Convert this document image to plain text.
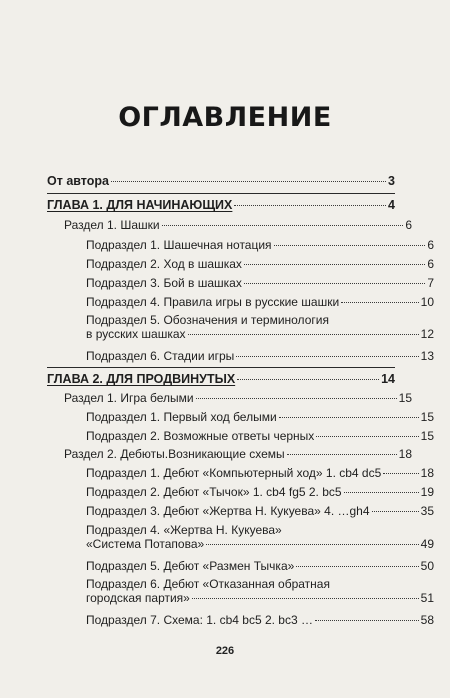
ОГЛАВЛЕНИЕ
От автора	3
ГЛАВА 1. ДЛЯ НАЧИНАЮЩИХ	4
Раздел 1. Шашки	6
Подраздел 1. Шашечная нотация	6
Подраздел 2. Ход в шашках	6
Подраздел 3. Бой в шашках	7
Подраздел 4. Правила игры в русские шашки	10
Подраздел 5. Обозначения и терминология
в русских шашках	12
Подраздел 6. Стадии игры	13
ГЛАВА 2. ДЛЯ ПРОДВИНУТЫХ	14
Раздел 1. Игра белыми	15
Подраздел 1. Первый ход белыми	15
Подраздел 2. Возможные ответы черных	15
Раздел 2. Дебюты.Возникающие схемы	18
Подраздел 1. Дебют «Компьютерный ход» 1. cb4 dc5	18
Подраздел 2. Дебют «Тычок» 1. cb4 fg5 2. bc5	19
Подраздел 3. Дебют «Жертва Н. Кукуева» 4. …gh4	35
Подраздел 4. «Жертва Н. Кукуева»
«Система Потапова»	49
Подраздел 5. Дебют «Размен Тычка»	50
Подраздел 6. Дебют «Отказанная обратная
городская партия»	51
Подраздел 7. Схема: 1. cb4 bc5 2. bc3 …	58
226
